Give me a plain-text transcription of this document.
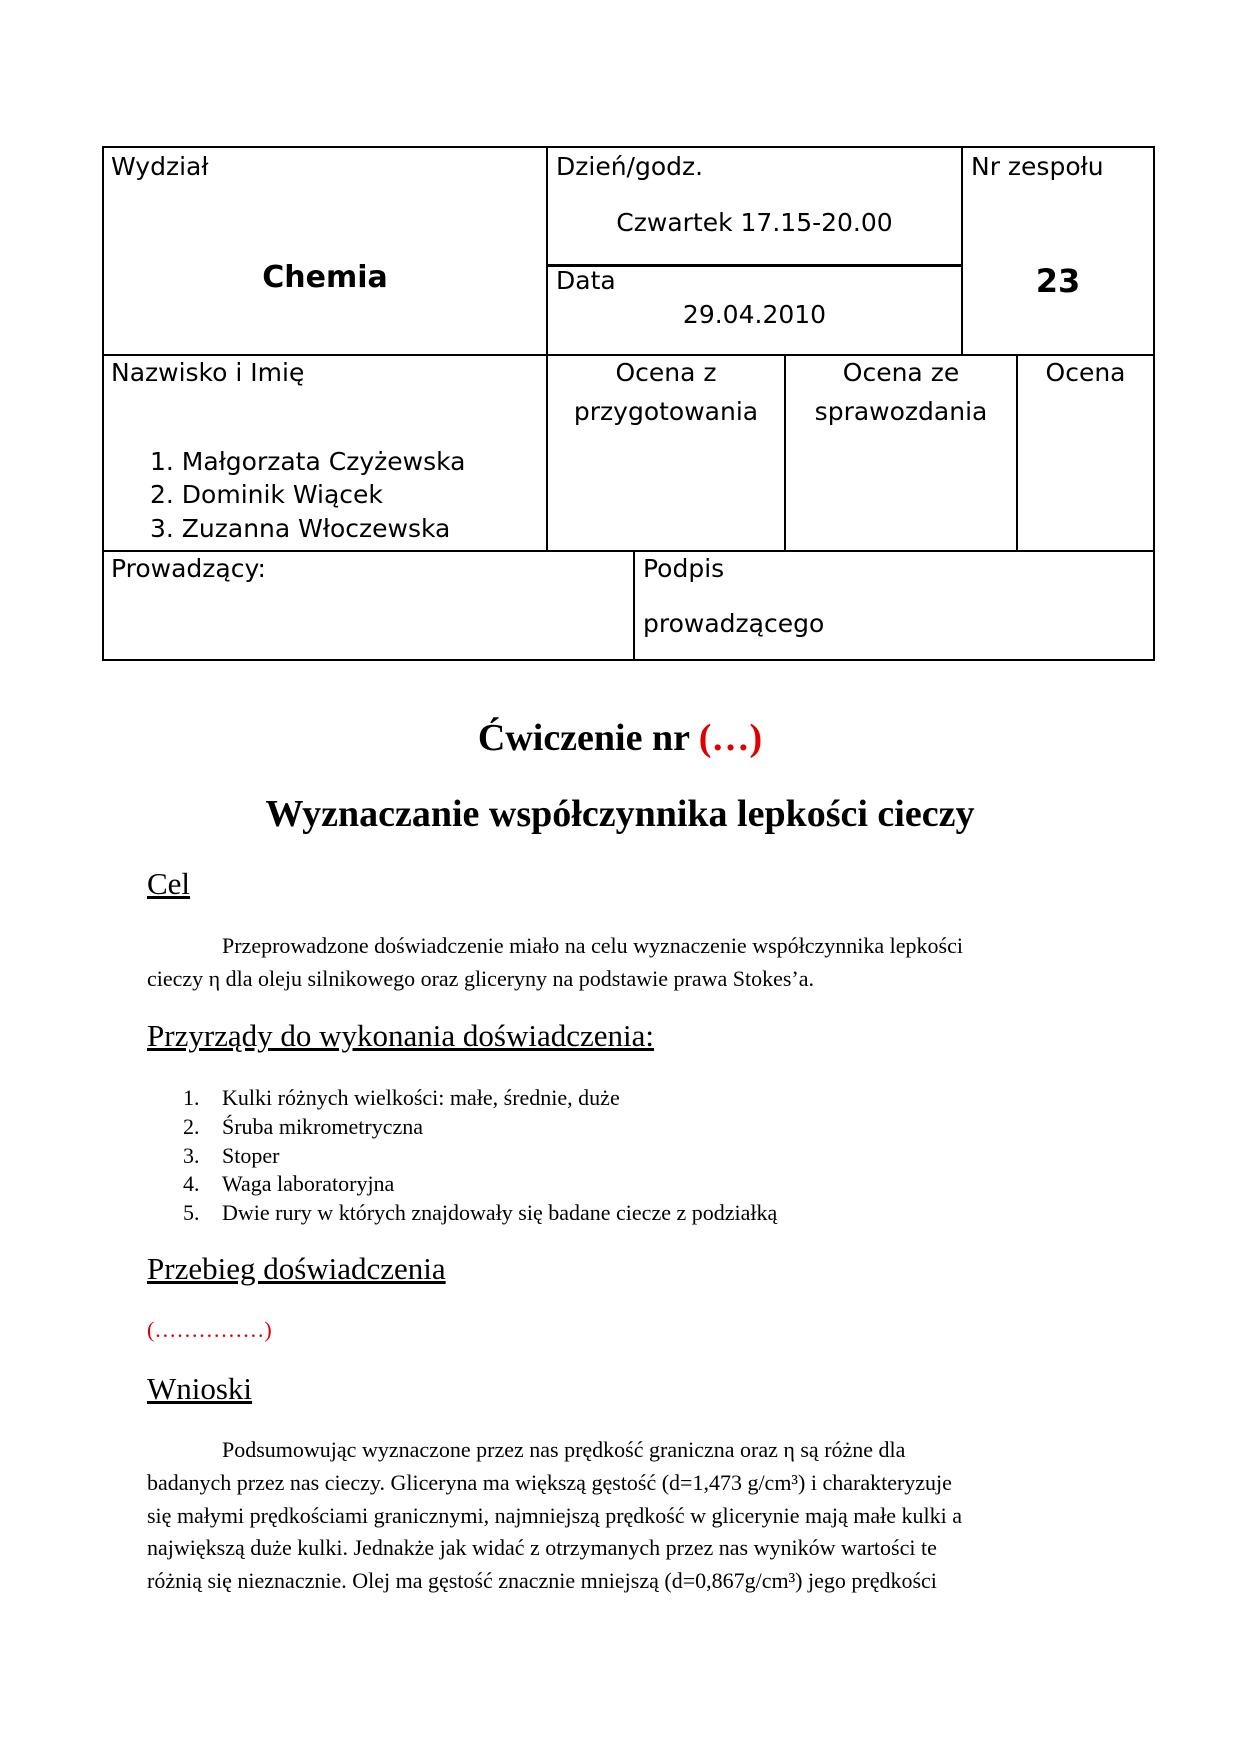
Wydział
Chemia
Dzień/godz.
Czwartek 17.15-20.00
Data
29.04.2010
Nr zespołu
23
Nazwisko i Imię
1. Małgorzata Czyżewska
2. Dominik Wiącek
3. Zuzanna Włoczewska
Ocena z
przygotowania
Ocena ze
sprawozdania
Ocena
Prowadzący:	Podpis
prowadzącego
Ćwiczenie nr (…)
Wyznaczanie współczynnika lepkości cieczy
Cel
Przeprowadzone doświadczenie miało na celu wyznaczenie współczynnika lepkości
cieczy η dla oleju silnikowego oraz gliceryny na podstawie prawa Stokes’a.
Przyrządy do wykonania doświadczenia:
1. Kulki różnych wielkości: małe, średnie, duże
2. Śruba mikrometryczna
3. Stoper
4. Waga laboratoryjna
5. Dwie rury w których znajdowały się badane ciecze z podziałką
Przebieg doświadczenia
(……………)
Wnioski
Podsumowując wyznaczone przez nas prędkość graniczna oraz η są różne dla
badanych przez nas cieczy. Gliceryna ma większą gęstość (d=1,473 g/cm³) i charakteryzuje
się małymi prędkościami granicznymi, najmniejszą prędkość w glicerynie mają małe kulki a
największą duże kulki. Jednakże jak widać z otrzymanych przez nas wyników wartości te
różnią się nieznacznie. Olej ma gęstość znacznie mniejszą (d=0,867g/cm³) jego prędkości
